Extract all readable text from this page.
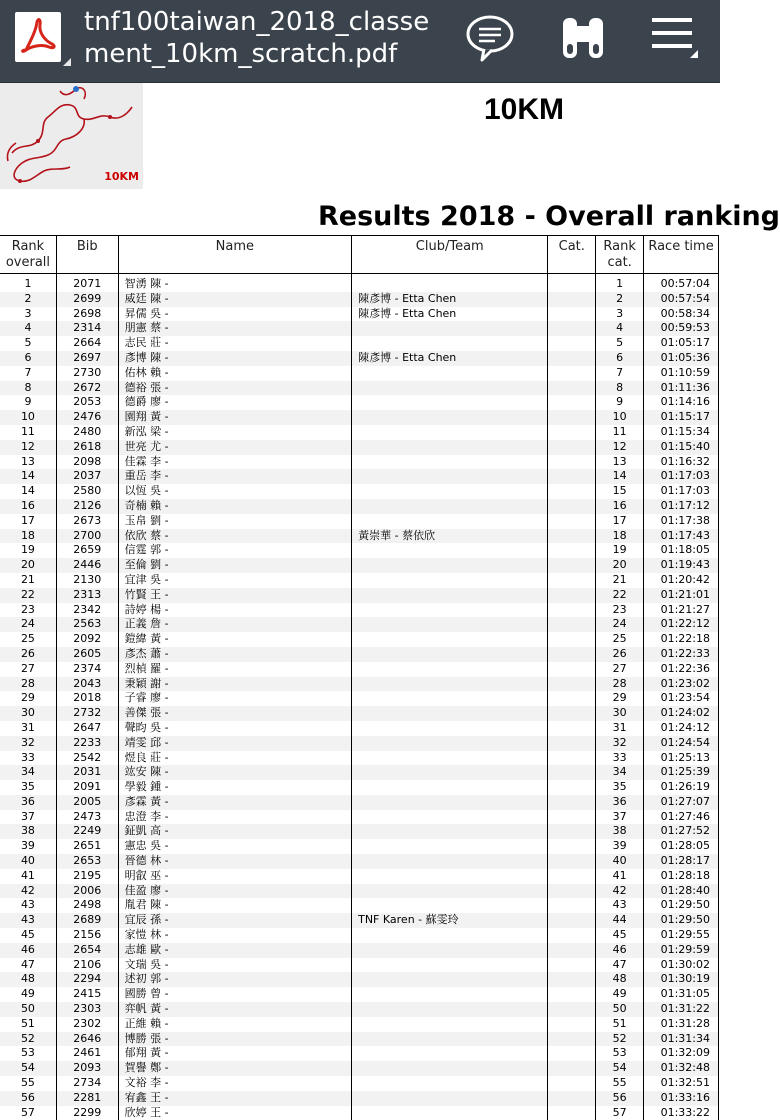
tnf100taiwan_2018_classement_10km_scratch.pdf
10KM
10KM
Results 2018 - Overall ranking
Rank overall	Bib	Name	Club/Team	Cat.	Rank cat.	Race time
1	2071	智湧 陳 -			1	00:57:04
2	2699	威廷 陳 -	陳彥博 - Etta Chen		2	00:57:54
3	2698	昇儒 吳 -	陳彥博 - Etta Chen		3	00:58:34
4	2314	朋憲 蔡 -			4	00:59:53
5	2664	志民 莊 -			5	01:05:17
6	2697	彥博 陳 -	陳彥博 - Etta Chen		6	01:05:36
7	2730	佑林 賴 -			7	01:10:59
8	2672	德裕 張 -			8	01:11:36
9	2053	德爵 廖 -			9	01:14:16
10	2476	園翔 黃 -			10	01:15:17
11	2480	新泓 梁 -			11	01:15:34
12	2618	世亮 尤 -			12	01:15:40
13	2098	佳霖 李 -			13	01:16:32
14	2037	重岳 李 -			14	01:17:03
14	2580	以恆 吳 -			15	01:17:03
16	2126	奇楠 賴 -			16	01:17:12
17	2673	玉帛 劉 -			17	01:17:38
18	2700	依欣 蔡 -	黃崇華 - 蔡依欣		18	01:17:43
19	2659	信霆 郭 -			19	01:18:05
20	2446	至倫 劉 -			20	01:19:43
21	2130	宜津 吳 -			21	01:20:42
22	2313	竹賢 王 -			22	01:21:01
23	2342	詩婷 楊 -			23	01:21:27
24	2563	正義 詹 -			24	01:22:12
25	2092	鎧緯 黃 -			25	01:22:18
26	2605	彥杰 蕭 -			26	01:22:33
27	2374	烈楨 羅 -			27	01:22:36
28	2043	秉穎 謝 -			28	01:23:02
29	2018	子睿 廖 -			29	01:23:54
30	2732	善傑 張 -			30	01:24:02
31	2647	聲昀 吳 -			31	01:24:12
32	2233	靖雯 邱 -			32	01:24:54
33	2542	煜良 莊 -			33	01:25:13
34	2031	竑安 陳 -			34	01:25:39
35	2091	學毅 鍾 -			35	01:26:19
36	2005	彥霖 黃 -			36	01:27:07
37	2473	忠澄 李 -			37	01:27:46
38	2249	鉦凱 高 -			38	01:27:52
39	2651	憲忠 吳 -			39	01:28:05
40	2653	晉德 林 -			40	01:28:17
41	2195	明叡 巫 -			41	01:28:18
42	2006	佳盈 廖 -			42	01:28:40
43	2498	胤君 陳 -			43	01:29:50
43	2689	宜辰 孫 -	TNF Karen - 蘇雯玲		44	01:29:50
45	2156	家愷 林 -			45	01:29:55
46	2654	志雄 歐 -			46	01:29:59
47	2106	文瑞 吳 -			47	01:30:02
48	2294	述初 郭 -			48	01:30:19
49	2415	國勝 曾 -			49	01:31:05
50	2303	弈帆 黃 -			50	01:31:22
51	2302	正維 賴 -			51	01:31:28
52	2646	博勝 張 -			52	01:31:34
53	2461	郁翔 黃 -			53	01:32:09
54	2093	賀譽 鄭 -			54	01:32:48
55	2734	文裕 李 -			55	01:32:51
56	2281	宥鑫 王 -			56	01:33:16
57	2299	欣婷 王 -			57	01:33:22
